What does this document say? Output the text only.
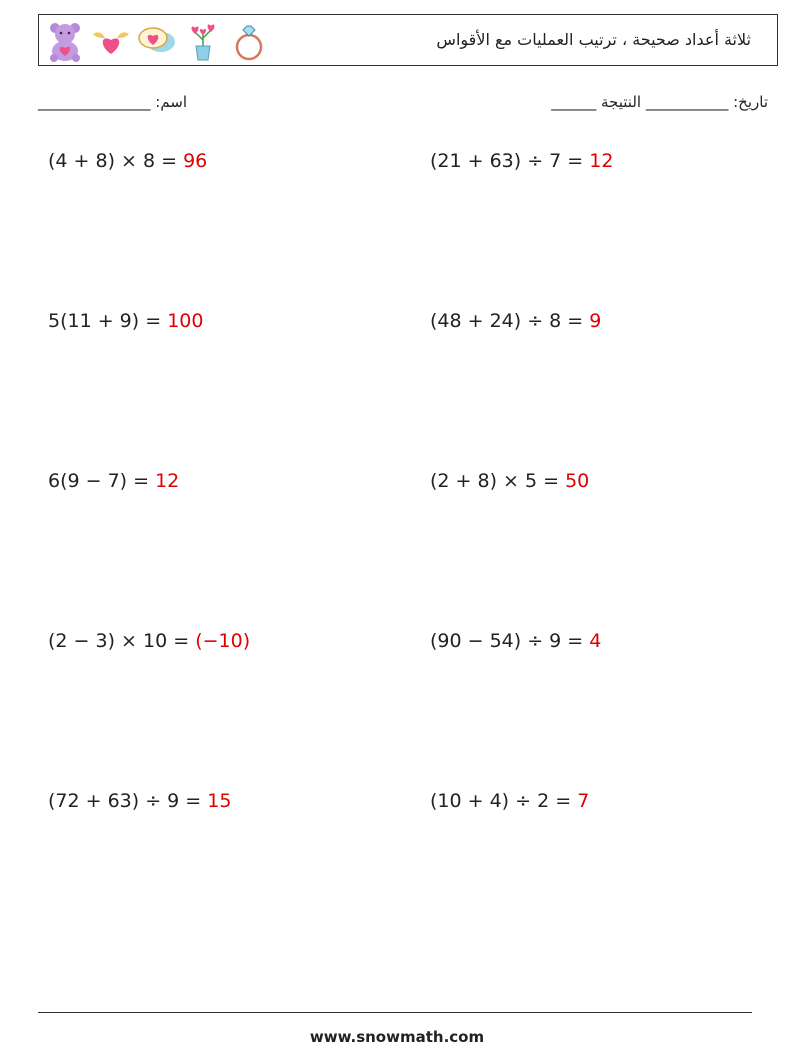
ثلاثة أعداد صحيحة ، ترتيب العمليات مع الأقواس
اسم: _______________	تاريخ: ___________ النتيجة ______
(4 + 8) × 8 = 96	(21 + 63) ÷ 7 = 12
5(11 + 9) = 100	(48 + 24) ÷ 8 = 9
6(9 − 7) = 12	(2 + 8) × 5 = 50
(2 − 3) × 10 = (−10)	(90 − 54) ÷ 9 = 4
(72 + 63) ÷ 9 = 15	(10 + 4) ÷ 2 = 7
www.snowmath.com
